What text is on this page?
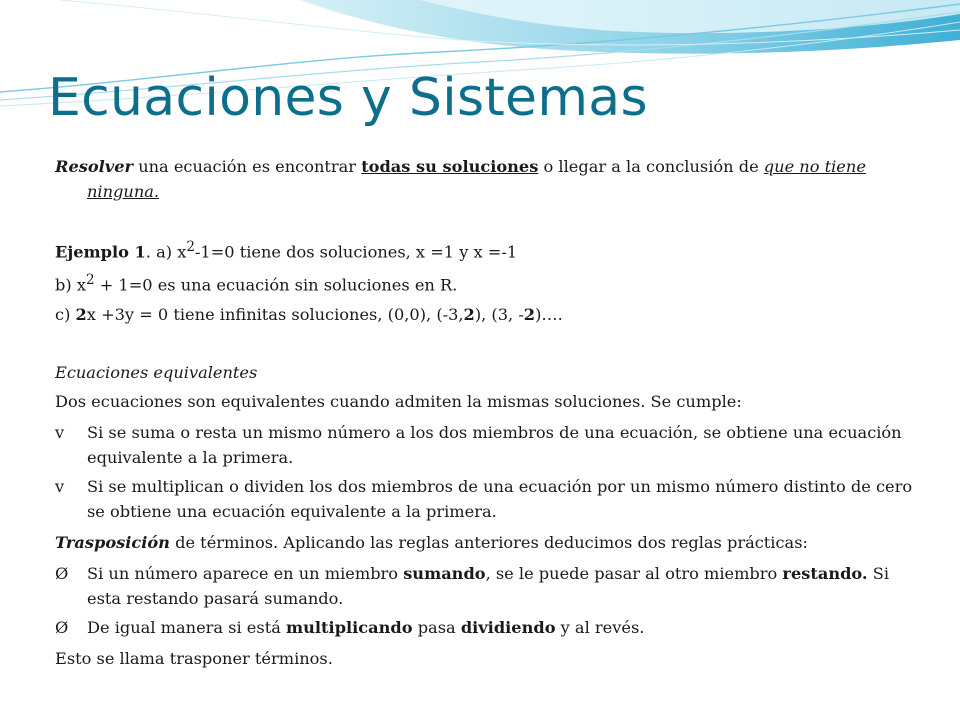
Ecuaciones y Sistemas

Resolver una ecuación es encontrar todas su soluciones o llegar a la conclusión de que no tiene ninguna.

Ejemplo 1. a) $x^2-1=0$ tiene dos soluciones, x =1 y x =-1

b) $x^2 + 1=0$ es una ecuación sin soluciones en R.

c) 2x +3y = 0 tiene infinitas soluciones, (0,0), (-3,2), (3, -2)….

Ecuaciones equivalentes

Dos ecuaciones son equivalentes cuando admiten la mismas soluciones. Se cumple:

v Si se suma o resta un mismo número a los dos miembros de una ecuación, se obtiene una ecuación equivalente a la primera.

v Si se multiplican o dividen los dos miembros de una ecuación por un mismo número distinto de cero se obtiene una ecuación equivalente a la primera.

Trasposición de términos. Aplicando las reglas anteriores deducimos dos reglas prácticas:

Ø Si un número aparece en un miembro sumando, se le puede pasar al otro miembro restando. Si esta restando pasará sumando.

Ø De igual manera si está multiplicando pasa dividiendo y al revés.

Esto se llama trasponer términos.
